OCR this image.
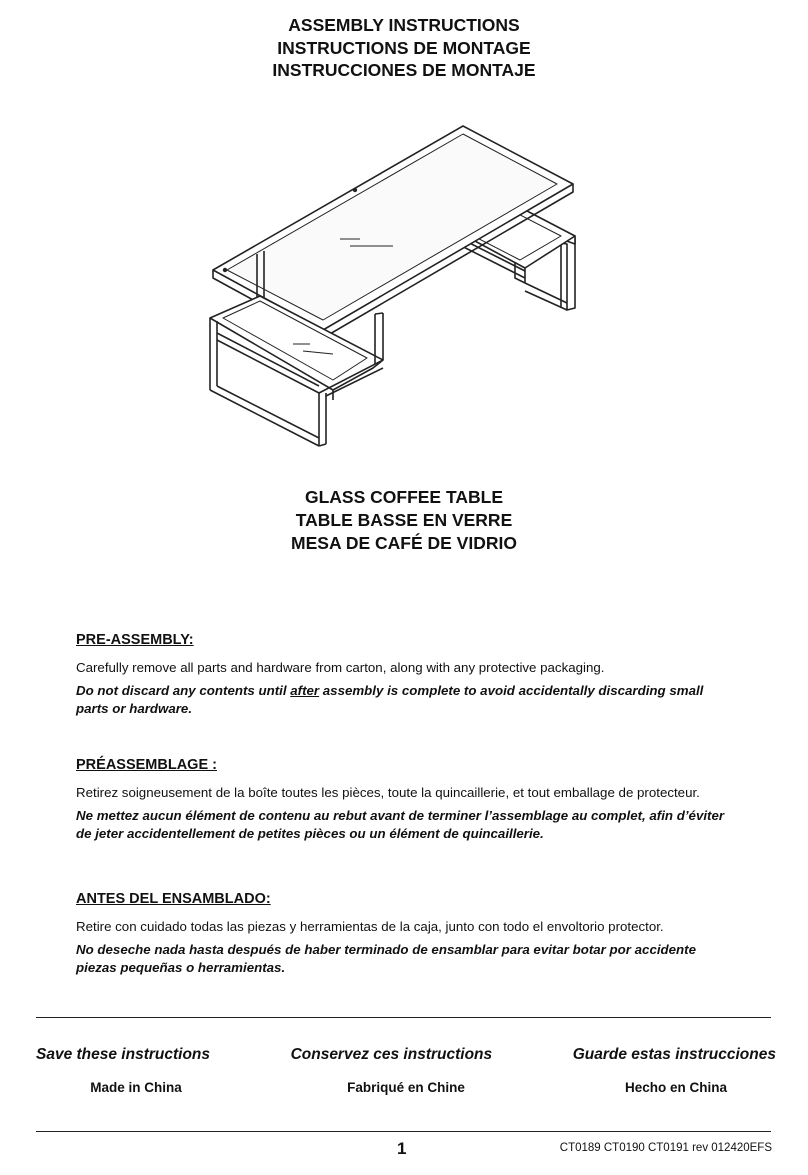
ASSEMBLY INSTRUCTIONS
INSTRUCTIONS DE MONTAGE
INSTRUCCIONES DE MONTAJE
GLASS COFFEE TABLE
TABLE BASSE EN VERRE
MESA DE CAFÉ DE VIDRIO
PRE-ASSEMBLY:
Carefully remove all parts and hardware from carton, along with any protective packaging.
Do not discard any contents until after assembly is complete to avoid accidentally discarding small parts or hardware.
PRÉASSEMBLAGE :
Retirez soigneusement de la boîte toutes les pièces, toute la quincaillerie, et tout emballage de protecteur.
Ne mettez aucun élément de contenu au rebut avant de terminer l’assemblage au complet, afin d’éviter de jeter accidentellement de petites pièces ou un élément de quincaillerie.
ANTES DEL ENSAMBLADO:
Retire con cuidado todas las piezas y herramientas de la caja, junto con todo el envoltorio protector.
No deseche nada hasta después de haber terminado de ensamblar para evitar botar por accidente piezas pequeñas o herramientas.
Save these instructions	Conservez ces instructions	Guarde estas instrucciones
Made in China	Fabriqué en Chine	Hecho en China
1	CT0189 CT0190 CT0191 rev 012420EFS
